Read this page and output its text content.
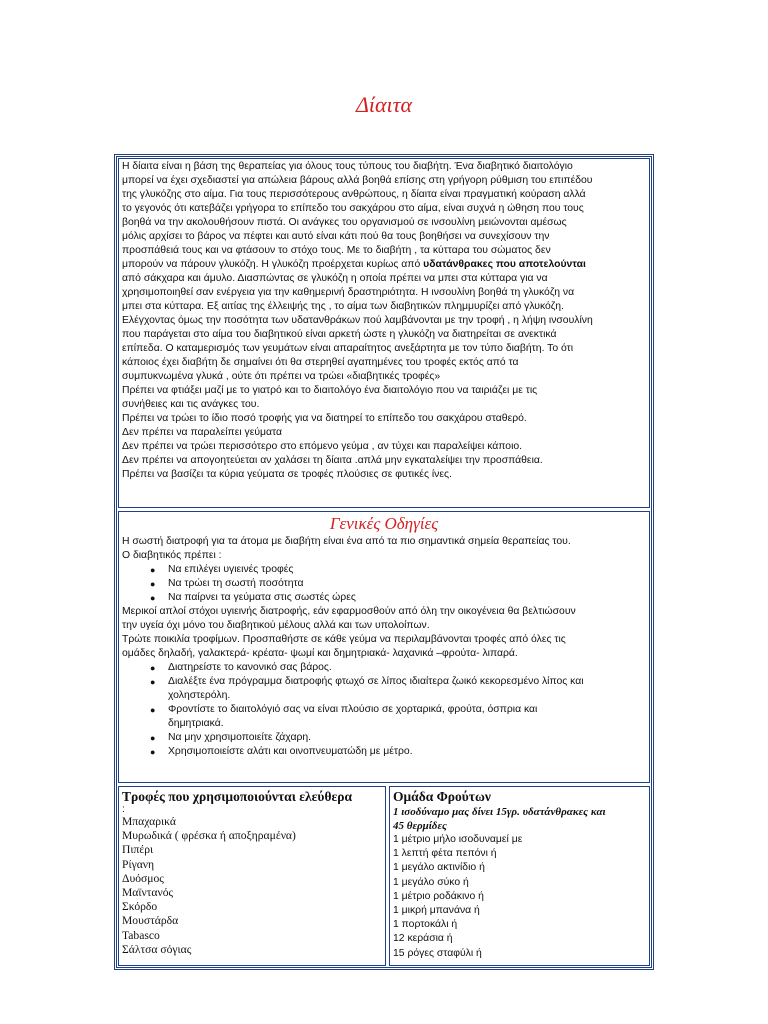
Δίαιτα

Η δίαιτα είναι η βάση της θεραπείας για όλους τους τύπους του διαβήτη. Ένα διαβητικό διαιτολόγιο

μπορεί να έχει σχεδιαστεί για απώλεια βάρους αλλά βοηθά επίσης στη γρήγορη ρύθμιση του επιπέδου

της γλυκόζης στο αίμα. Για τους περισσότερους ανθρώπους, η δίαιτα είναι πραγματική κούραση αλλά

το γεγονός ότι κατεβάζει γρήγορα το επίπεδο του σακχάρου στο αίμα, είναι συχνά η ώθηση που τους

βοηθά να την ακολουθήσουν πιστά. Οι ανάγκες του οργανισμού σε ινσουλίνη μειώνονται αμέσως

μόλις αρχίσει το βάρος να πέφτει και αυτό είναι κάτι πού θα τους βοηθήσει να συνεχίσουν την

προσπάθειά τους και να φτάσουν το στόχο τους. Με το διαβήτη , τα κύτταρα του σώματος δεν

μπορούν να πάρουν γλυκόζη. Η γλυκόζη προέρχεται κυρίως από υδατάνθρακες που αποτελούνται

από σάκχαρα και άμυλο. Διασπώντας σε γλυκόζη η οποία πρέπει να μπει στα κύτταρα για να

χρησιμοποιηθεί σαν ενέργεια για την καθημερινή δραστηριότητα. Η ινσουλίνη βοηθά τη γλυκόζη να

μπει στα κύτταρα. Εξ αιτίας της έλλειψής της , το αίμα των διαβητικών πλημμυρίζει από γλυκόζη.

Ελέγχοντας όμως την ποσότητα των υδατανθράκων πού λαμβάνονται με την τροφή , η λήψη ινσουλίνη

που παράγεται στο αίμα του διαβητικού είναι αρκετή ώστε η γλυκόζη να διατηρείται σε ανεκτικά

επίπεδα. Ο καταμερισμός των γευμάτων είναι απαραίτητος ανεξάρτητα με τον τύπο διαβήτη. Το ότι

κάποιος έχει διαβήτη δε σημαίνει ότι θα στερηθεί αγαπημένες του τροφές εκτός από τα

συμπυκνωμένα γλυκά , ούτε ότι πρέπει να τρώει «διαβητικές τροφές»

Πρέπει να φτιάξει μαζί με το γιατρό και το διαιτολόγο ένα διαιτολόγιο που να ταιριάζει με τις

συνήθειες και τις ανάγκες του.

Πρέπει να τρώει το ίδιο ποσό τροφής για να διατηρεί το επίπεδο του σακχάρου σταθερό.

Δεν πρέπει να παραλείπει γεύματα

Δεν πρέπει να τρώει περισσότερο στο επόμενο γεύμα , αν τύχει και παραλείψει κάποιο.

Δεν πρέπει να απογοητεύεται αν χαλάσει τη δίαιτα .απλά μην εγκαταλείψει την προσπάθεια.

Πρέπει να βασίζει τα κύρια γεύματα σε τροφές πλούσιες σε φυτικές ίνες.

Γενικές Οδηγίες

Η σωστή διατροφή για τα άτομα με διαβήτη είναι ένα από τα πιο σημαντικά σημεία θεραπείας του.

Ο διαβητικός πρέπει :

● Να επιλέγει υγιεινές τροφές
● Να τρώει τη σωστή ποσότητα
● Να παίρνει τα γεύματα στις σωστές ώρες

Μερικοί απλοί στόχοι υγιεινής διατροφής, εάν εφαρμοσθούν από όλη την οικογένεια θα βελτιώσουν

την υγεία όχι μόνο του διαβητικού μέλους αλλά και των υπολοίπων.

Τρώτε ποικιλία τροφίμων. Προσπαθήστε σε κάθε γεύμα να περιλαμβάνονται τροφές από όλες τις

ομάδες δηλαδή, γαλακτερά- κρέατα- ψωμί και δημητριακά- λαχανικά –φρούτα- λιπαρά.

● Διατηρείστε το κανονικό σας βάρος.
● Διαλέξτε ένα πρόγραμμα διατροφής φτωχό σε λίπος ιδιαίτερα ζωικό κεκορεσμένο λίπος και
χοληστερόλη.
● Φροντίστε το διαιτολόγιό σας να είναι πλούσιο σε χορταρικά, φρούτα, όσπρια και
δημητριακά.
● Να μην χρησιμοποιείτε ζάχαρη.
● Χρησιμοποιείστε αλάτι και οινοπνευματώδη με μέτρο.

Τροφές που χρησιμοποιούνται ελεύθερα

:

Μπαχαρικά

Μυρωδικά ( φρέσκα ή αποξηραμένα)

Πιπέρι

Ρίγανη

Δυόσμος

Μαϊντανός

Σκόρδο

Μουστάρδα

Tabasco

Σάλτσα σόγιας

Ομάδα Φρούτων

1 ισοδύναμο μας δίνει 15γρ. υδατάνθρακες και

45 θερμίδες

1 μέτριο μήλο ισοδυναμεί με

1 λεπτή φέτα πεπόνι ή

1 μεγάλο ακτινίδιο ή

1 μεγάλο σύκο ή

1 μέτριο ροδάκινο ή

1 μικρή μπανάνα ή

1 πορτοκάλι ή

12 κεράσια ή

15 ρόγες σταφύλι ή
